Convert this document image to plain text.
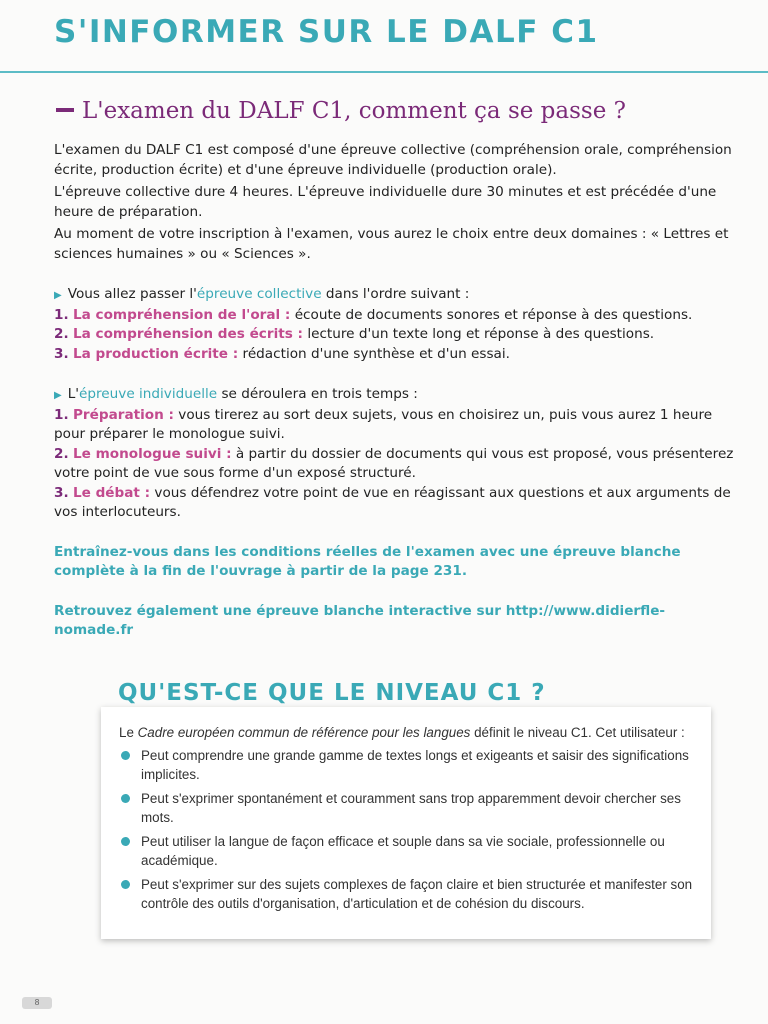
S'INFORMER SUR LE DALF C1
L'examen du DALF C1, comment ça se passe ?

L'examen du DALF C1 est composé d'une épreuve collective (compréhension orale, compréhension écrite, production écrite) et d'une épreuve individuelle (production orale).

L'épreuve collective dure 4 heures. L'épreuve individuelle dure 30 minutes et est précédée d'une heure de préparation.

Au moment de votre inscription à l'examen, vous aurez le choix entre deux domaines : « Lettres et sciences humaines » ou « Sciences ».

▶ Vous allez passer l'épreuve collective dans l'ordre suivant :

1. La compréhension de l'oral : écoute de documents sonores et réponse à des questions.

2. La compréhension des écrits : lecture d'un texte long et réponse à des questions.

3. La production écrite : rédaction d'une synthèse et d'un essai.

▶ L'épreuve individuelle se déroulera en trois temps :

1. Préparation : vous tirerez au sort deux sujets, vous en choisirez un, puis vous aurez 1 heure pour préparer le monologue suivi.

2. Le monologue suivi : à partir du dossier de documents qui vous est proposé, vous présenterez votre point de vue sous forme d'un exposé structuré.

3. Le débat : vous défendrez votre point de vue en réagissant aux questions et aux arguments de vos interlocuteurs.

Entraînez-vous dans les conditions réelles de l'examen avec une épreuve blanche complète à la fin de l'ouvrage à partir de la page 231.

Retrouvez également une épreuve blanche interactive sur http://www.didierfle-nomade.fr

QU'EST-CE QUE LE NIVEAU C1 ?

Le Cadre européen commun de référence pour les langues définit le niveau C1. Cet utilisateur :

Peut comprendre une grande gamme de textes longs et exigeants et saisir des significations implicites.
Peut s'exprimer spontanément et couramment sans trop apparemment devoir chercher ses mots.
Peut utiliser la langue de façon efficace et souple dans sa vie sociale, professionnelle ou académique.
Peut s'exprimer sur des sujets complexes de façon claire et bien structurée et manifester son contrôle des outils d'organisation, d'articulation et de cohésion du discours.
8
